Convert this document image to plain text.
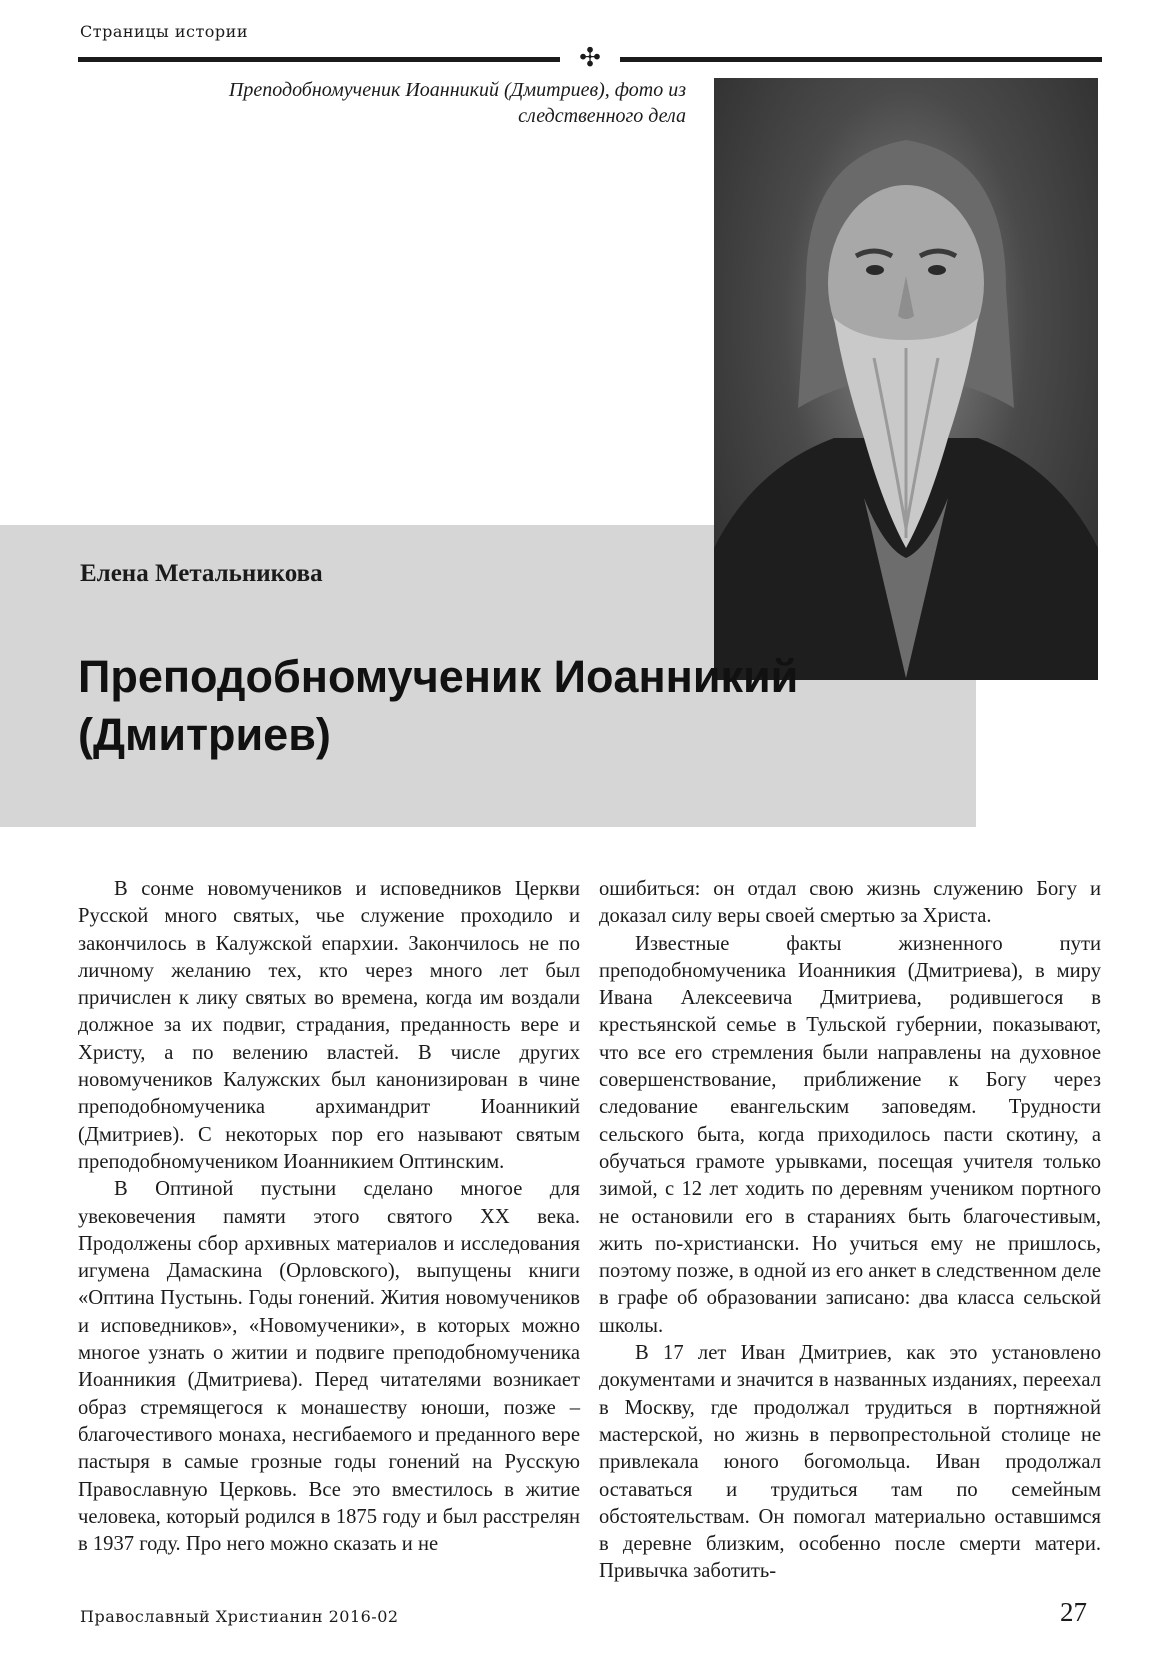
Страницы истории
✣
Преподобномученик Иоанникий (Дмитриев), фото из следственного дела
Елена Метальникова
Преподобномученик Иоанникий (Дмитриев)

В сонме новомучеников и исповедников Церкви Русской много святых, чье служение проходило и закончилось в Калужской епархии. Закончилось не по личному желанию тех, кто через много лет был причислен к лику святых во времена, когда им воздали должное за их подвиг, страдания, преданность вере и Христу, а по велению властей. В числе других новомучеников Калужских был канонизирован в чине преподобномученика архимандрит Иоанникий (Дмитриев). С некоторых пор его называют святым преподобномучеником Иоанникием Оптинским.

В Оптиной пустыни сделано многое для увековечения памяти этого святого XX века. Продолжены сбор архивных материалов и исследования игумена Дамаскина (Орловского), выпущены книги «Оптина Пустынь. Годы гонений. Жития новомучеников и исповедников», «Новомученики», в которых можно многое узнать о житии и подвиге преподобномученика Иоанникия (Дмитриева). Перед читателями возникает образ стремящегося к монашеству юноши, позже – благочестивого монаха, несгибаемого и преданного вере пастыря в самые грозные годы гонений на Русскую Православную Церковь. Все это вместилось в житие человека, который родился в 1875 году и был расстрелян в 1937 году. Про него можно сказать и не

ошибиться: он отдал свою жизнь служению Богу и доказал силу веры своей смертью за Христа.

Известные факты жизненного пути преподобномученика Иоанникия (Дмитриева), в миру Ивана Алексеевича Дмитриева, родившегося в крестьянской семье в Тульской губернии, показывают, что все его стремления были направлены на духовное совершенствование, приближение к Богу через следование евангельским заповедям. Трудности сельского быта, когда приходилось пасти скотину, а обучаться грамоте урывками, посещая учителя только зимой, с 12 лет ходить по деревням учеником портного не остановили его в стараниях быть благочестивым, жить по-христиански. Но учиться ему не пришлось, поэтому позже, в одной из его анкет в следственном деле в графе об образовании записано: два класса сельской школы.

В 17 лет Иван Дмитриев, как это установлено документами и значится в названных изданиях, переехал в Москву, где продолжал трудиться в портняжной мастерской, но жизнь в первопрестольной столице не привлекала юного богомольца. Иван продолжал оставаться и трудиться там по семейным обстоятельствам. Он помогал материально оставшимся в деревне близким, особенно после смерти матери. Привычка заботить-

Православный Христианин 2016-02	27
